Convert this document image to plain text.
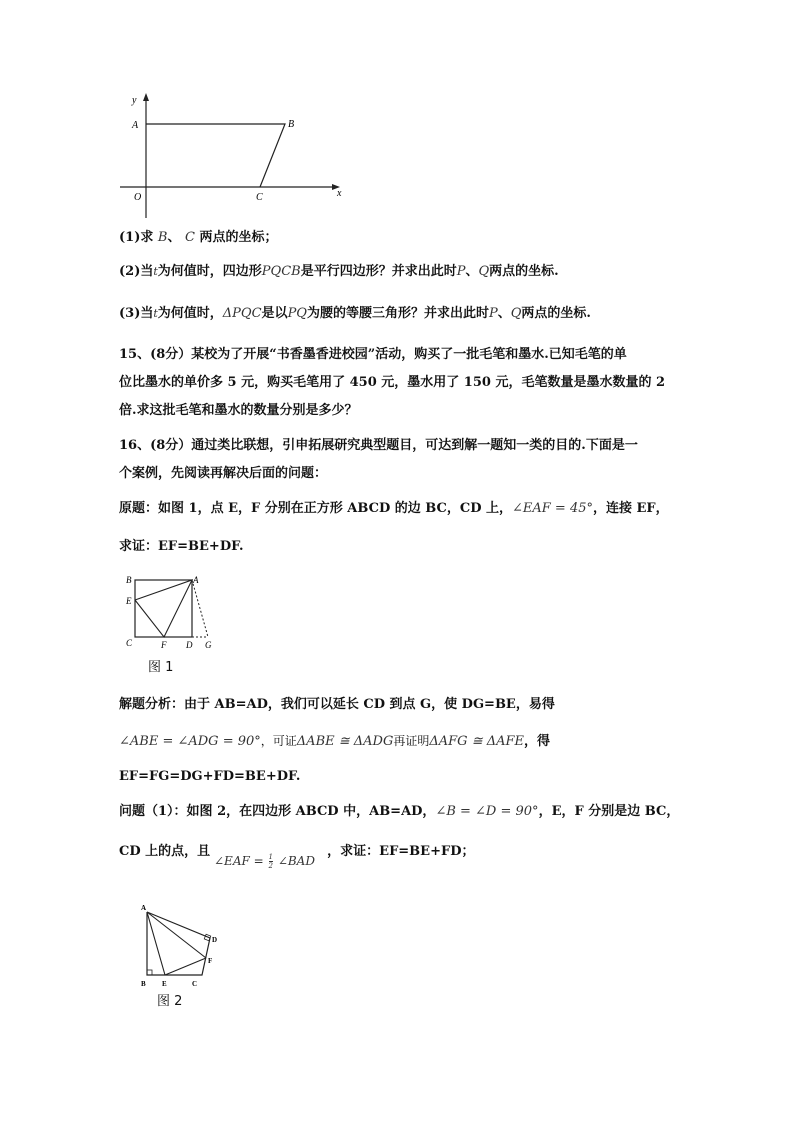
y
x
A	B
O	C
(1)求 B、 C 两点的坐标；
(2)当t为何值时，四边形PQCB是平行四边形？并求出此时P、Q两点的坐标.
(3)当t为何值时，ΔPQC是以PQ为腰的等腰三角形？并求出此时P、Q两点的坐标.
15、(8分）某校为了开展“书香墨香进校园”活动，购买了一批毛笔和墨水.已知毛笔的单
位比墨水的单价多 5 元，购买毛笔用了 450 元，墨水用了 150 元，毛笔数量是墨水数量的 2
倍.求这批毛笔和墨水的数量分别是多少？
16、(8分）通过类比联想，引申拓展研究典型题目，可达到解一题知一类的目的.下面是一
个案例，先阅读再解决后面的问题：
原题：如图 1，点 E，F 分别在正方形 ABCD 的边 BC，CD 上，∠EAF = 45°，连接 EF，
求证：EF=BE+DF.
B	A
E
C	F D G
图 1
解题分析：由于 AB=AD，我们可以延长 CD 到点 G，使 DG=BE，易得
∠ABE = ∠ADG = 90°，可证ΔABE ≅ ΔADG再证明ΔAFG ≅ ΔAFE，得
EF=FG=DG+FD=BE+DF.
问题（1）：如图 2，在四边形 ABCD 中，AB=AD，∠B = ∠D = 90°，E，F 分别是边 BC，
CD 上的点，且	，求证：EF=BE+FD；
∠EAF = $\frac{1}{2}$ ∠BAD
A
D
F
B E	C
图 2
